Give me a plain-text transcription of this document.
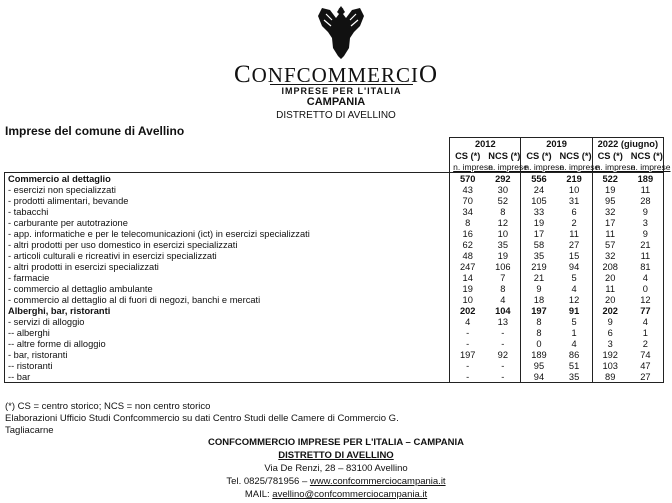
CONFCOMMERCIO
IMPRESE PER L'ITALIA
CAMPANIA
DISTRETTO DI AVELLINO
Imprese del comune di Avellino
	2012		2019		2022 (giugno)	
	CS (*)	NCS (*)	CS (*)	NCS (*)	CS (*)	NCS (*)
	n. imprese	n. imprese	n. imprese	n. imprese	n. imprese	n. imprese
Commercio al dettaglio	570	292	556	219	522	189
- esercizi non specializzati	43	30	24	10	19	11
- prodotti alimentari, bevande	70	52	105	31	95	28
- tabacchi	34	8	33	6	32	9
- carburante per autotrazione	8	12	19	2	17	3
- app. informatiche e per le telecomunicazioni (ict) in esercizi specializzati	16	10	17	11	11	9
- altri prodotti per uso domestico in esercizi specializzati	62	35	58	27	57	21
- articoli culturali e ricreativi in esercizi specializzati	48	19	35	15	32	11
- altri prodotti in esercizi specializzati	247	106	219	94	208	81
- farmacie	14	7	21	5	20	4
- commercio al dettaglio ambulante	19	8	9	4	11	0
- commercio al dettaglio al di fuori di negozi, banchi e mercati	10	4	18	12	20	12
Alberghi, bar, ristoranti	202	104	197	91	202	77
- servizi di alloggio	4	13	8	5	9	4
-- alberghi	-	-	8	1	6	1
-- altre forme di alloggio	-	-	0	4	3	2
- bar, ristoranti	197	92	189	86	192	74
-- ristoranti	-	-	95	51	103	47
-- bar	-	-	94	35	89	27
(*) CS = centro storico; NCS = non centro storico
Elaborazioni Ufficio Studi Confcommercio su dati Centro Studi delle Camere di Commercio G.
Tagliacarne
CONFCOMMERCIO IMPRESE PER L'ITALIA – CAMPANIA
DISTRETTO DI AVELLINO
Via De Renzi, 28 – 83100 Avellino
Tel. 0825/781956 – www.confcommerciocampania.it
MAIL: avellino@confcommerciocampania.it
